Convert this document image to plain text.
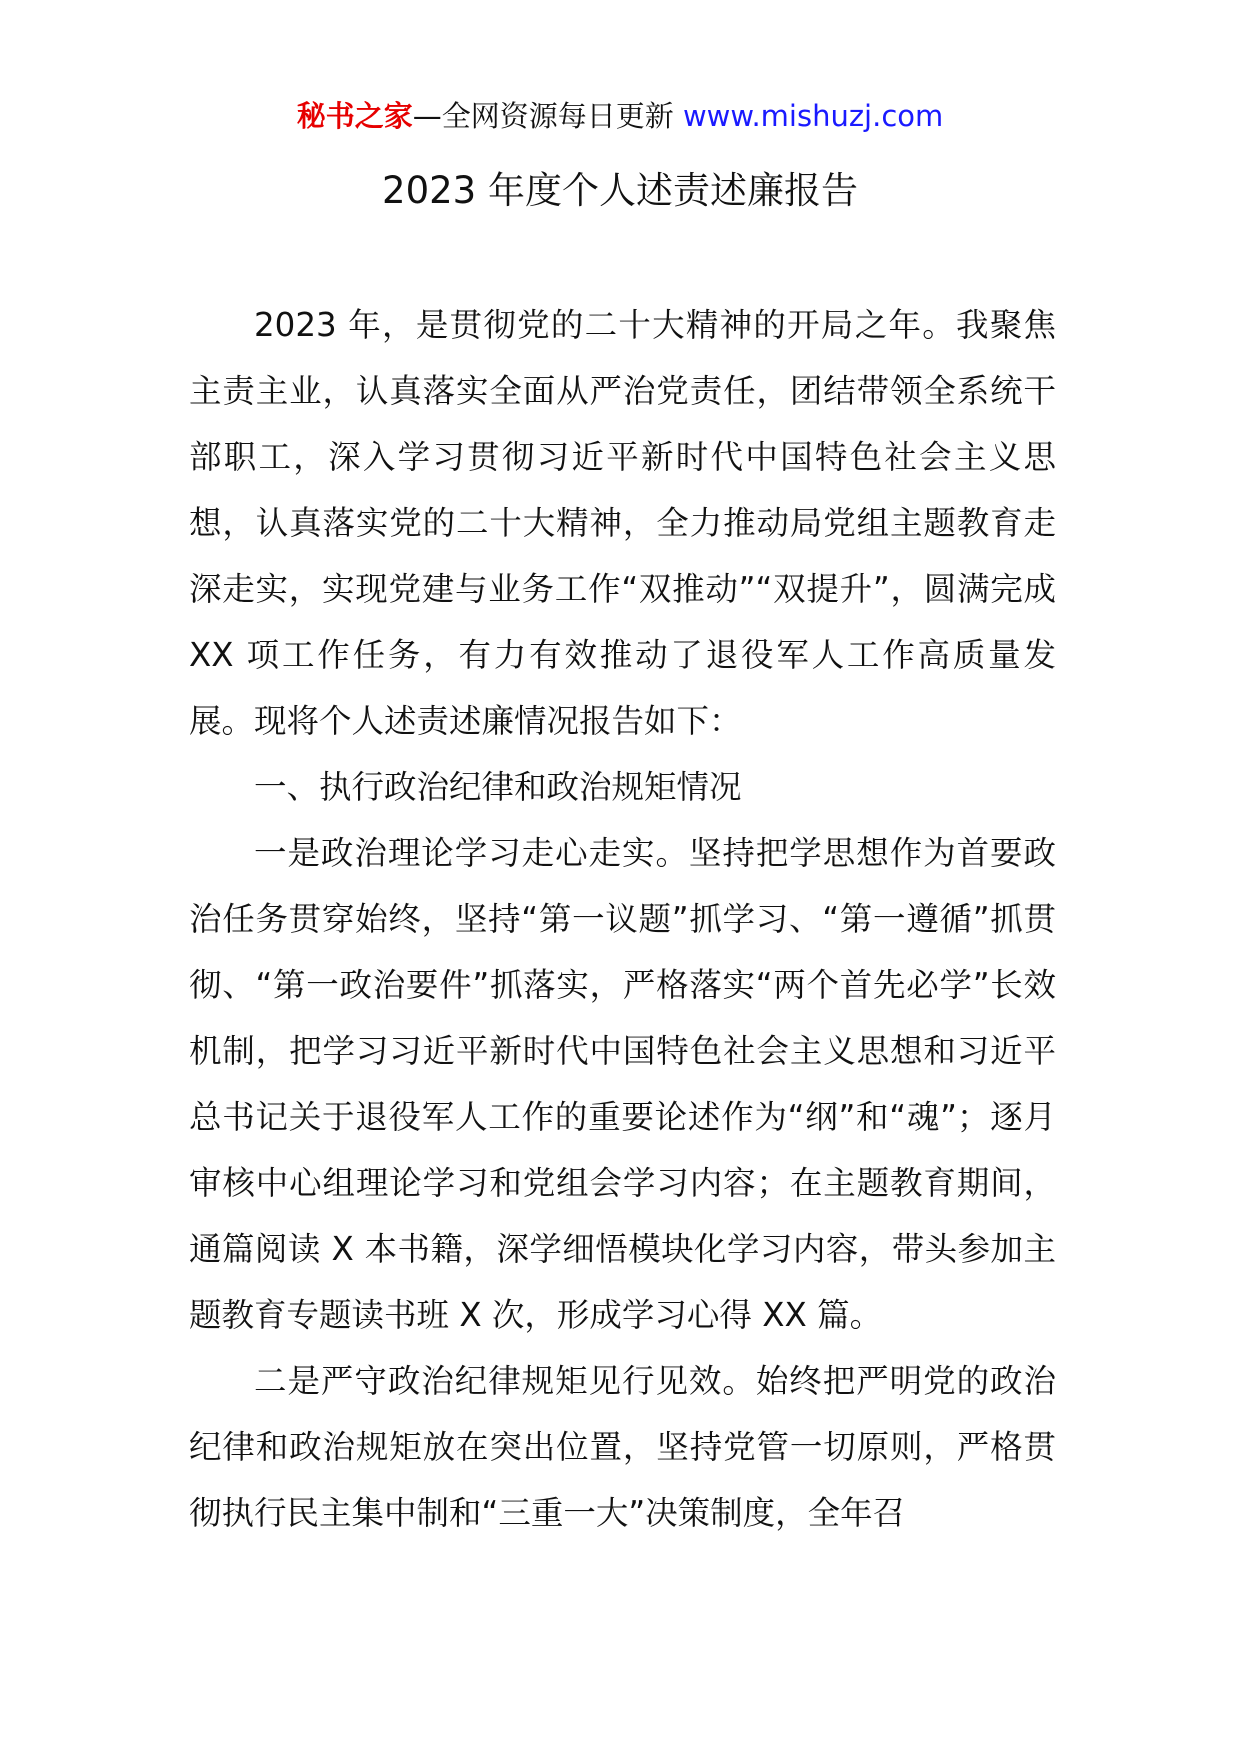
秘书之家—全网资源每日更新 www.mishuzj.com
2023 年度个人述责述廉报告

2023 年，是贯彻党的二十大精神的开局之年。我聚焦主责主业，认真落实全面从严治党责任，团结带领全系统干部职工，深入学习贯彻习近平新时代中国特色社会主义思想，认真落实党的二十大精神，全力推动局党组主题教育走深走实，实现党建与业务工作“双推动”“双提升”，圆满完成 XX 项工作任务，有力有效推动了退役军人工作高质量发展。现将个人述责述廉情况报告如下：

一、执行政治纪律和政治规矩情况

一是政治理论学习走心走实。坚持把学思想作为首要政治任务贯穿始终，坚持“第一议题”抓学习、“第一遵循”抓贯彻、“第一政治要件”抓落实，严格落实“两个首先必学”长效机制，把学习习近平新时代中国特色社会主义思想和习近平总书记关于退役军人工作的重要论述作为“纲”和“魂”；逐月审核中心组理论学习和党组会学习内容；在主题教育期间，通篇阅读 X 本书籍，深学细悟模块化学习内容，带头参加主题教育专题读书班 X 次，形成学习心得 XX 篇。

二是严守政治纪律规矩见行见效。始终把严明党的政治纪律和政治规矩放在突出位置，坚持党管一切原则，严格贯彻执行民主集中制和“三重一大”决策制度，全年召
